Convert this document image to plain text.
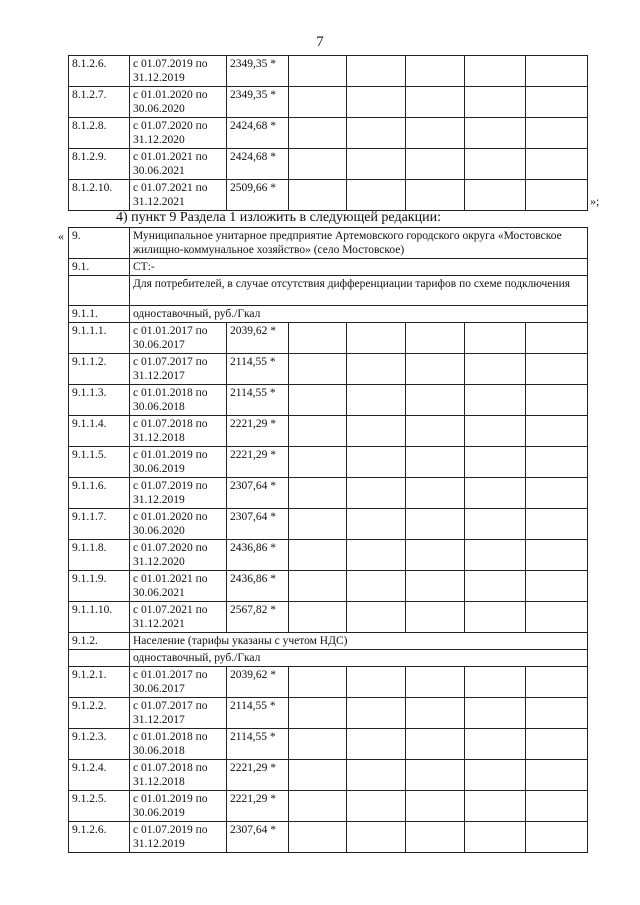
7
8.1.2.6.	с 01.07.2019 по 31.12.2019	2349,35 *					
8.1.2.7.	с 01.01.2020 по 30.06.2020	2349,35 *					
8.1.2.8.	с 01.07.2020 по 31.12.2020	2424,68 *					
8.1.2.9.	с 01.01.2021 по 30.06.2021	2424,68 *					
8.1.2.10.	с 01.07.2021 по 31.12.2021	2509,66 *					
»;
4) пункт 9 Раздела 1 изложить в следующей редакции:
« 9.	Муниципальное унитарное предприятие Артемовского городского округа «Мостовское жилищно-коммунальное хозяйство» (село Мостовское)						
9.1.	СТ:-						
	Для потребителей, в случае отсутствия дифференциации тарифов по схеме подключения						
9.1.1.	одноставочный, руб./Гкал						
9.1.1.1.	с 01.01.2017 по 30.06.2017	2039,62 *					
9.1.1.2.	с 01.07.2017 по 31.12.2017	2114,55 *					
9.1.1.3.	с 01.01.2018 по 30.06.2018	2114,55 *					
9.1.1.4.	с 01.07.2018 по 31.12.2018	2221,29 *					
9.1.1.5.	с 01.01.2019 по 30.06.2019	2221,29 *					
9.1.1.6.	с 01.07.2019 по 31.12.2019	2307,64 *					
9.1.1.7.	с 01.01.2020 по 30.06.2020	2307,64 *					
9.1.1.8.	с 01.07.2020 по 31.12.2020	2436,86 *					
9.1.1.9.	с 01.01.2021 по 30.06.2021	2436,86 *					
9.1.1.10.	с 01.07.2021 по 31.12.2021	2567,82 *					
9.1.2.	Население (тарифы указаны с учетом НДС)						
	одноставочный, руб./Гкал						
9.1.2.1.	с 01.01.2017 по 30.06.2017	2039,62 *					
9.1.2.2.	с 01.07.2017 по 31.12.2017	2114,55 *					
9.1.2.3.	с 01.01.2018 по 30.06.2018	2114,55 *					
9.1.2.4.	с 01.07.2018 по 31.12.2018	2221,29 *					
9.1.2.5.	с 01.01.2019 по 30.06.2019	2221,29 *					
9.1.2.6.	с 01.07.2019 по 31.12.2019	2307,64 *					
